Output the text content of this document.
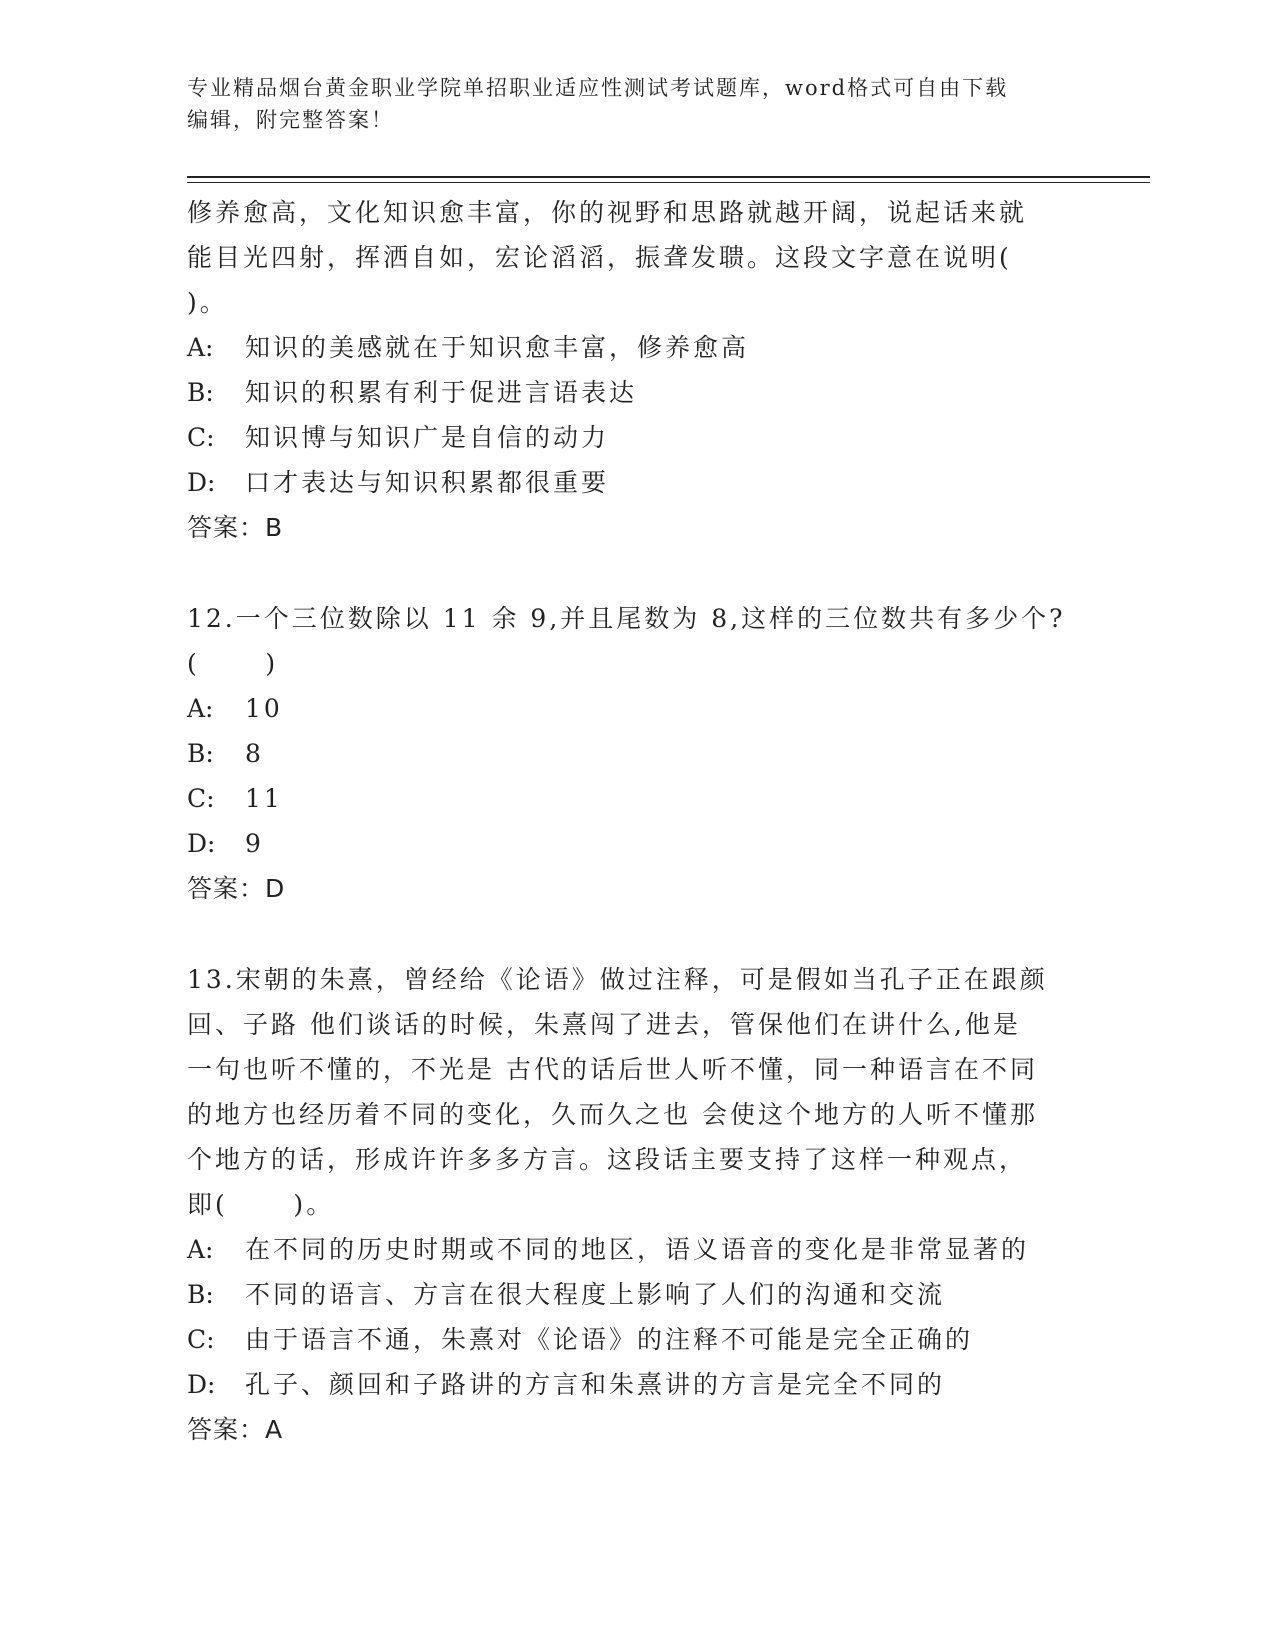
专业精品烟台黄金职业学院单招职业适应性测试考试题库，word格式可自由下载
编辑，附完整答案！
修养愈高，文化知识愈丰富，你的视野和思路就越开阔，说起话来就
能目光四射，挥洒自如，宏论滔滔，振聋发聩。这段文字意在说明(
)。
A:	知识的美感就在于知识愈丰富，修养愈高
B:	知识的积累有利于促进言语表达
C:	知识博与知识广是自信的动力
D:	口才表达与知识积累都很重要
答案：B
12.一个三位数除以 11 余 9,并且尾数为 8,这样的三位数共有多少个?
(      )
A:	10
B:	8
C:	11
D:	9
答案：D
13.宋朝的朱熹，曾经给《论语》做过注释，可是假如当孔子正在跟颜
回、子路 他们谈话的时候，朱熹闯了进去，管保他们在讲什么,他是
一句也听不懂的，不光是 古代的话后世人听不懂，同一种语言在不同
的地方也经历着不同的变化，久而久之也 会使这个地方的人听不懂那
个地方的话，形成许许多多方言。这段话主要支持了这样一种观点，
即(      )。
A:	在不同的历史时期或不同的地区，语义语音的变化是非常显著的
B:	不同的语言、方言在很大程度上影响了人们的沟通和交流
C:	由于语言不通，朱熹对《论语》的注释不可能是完全正确的
D:	孔子、颜回和子路讲的方言和朱熹讲的方言是完全不同的
答案：A
